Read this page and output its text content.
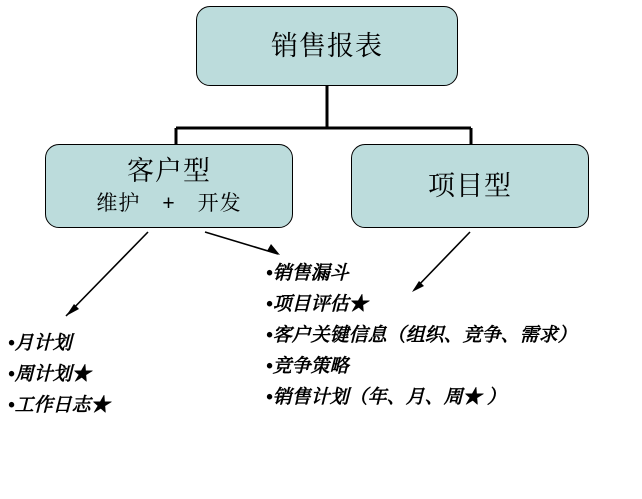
销售报表
客户型
维护　+　开发
项目型
•月计划
•周计划★
•工作日志★
•销售漏斗
•项目评估★
•客户关键信息（组织、竞争、需求）
•竞争策略
•销售计划（年、月、周★ ）
